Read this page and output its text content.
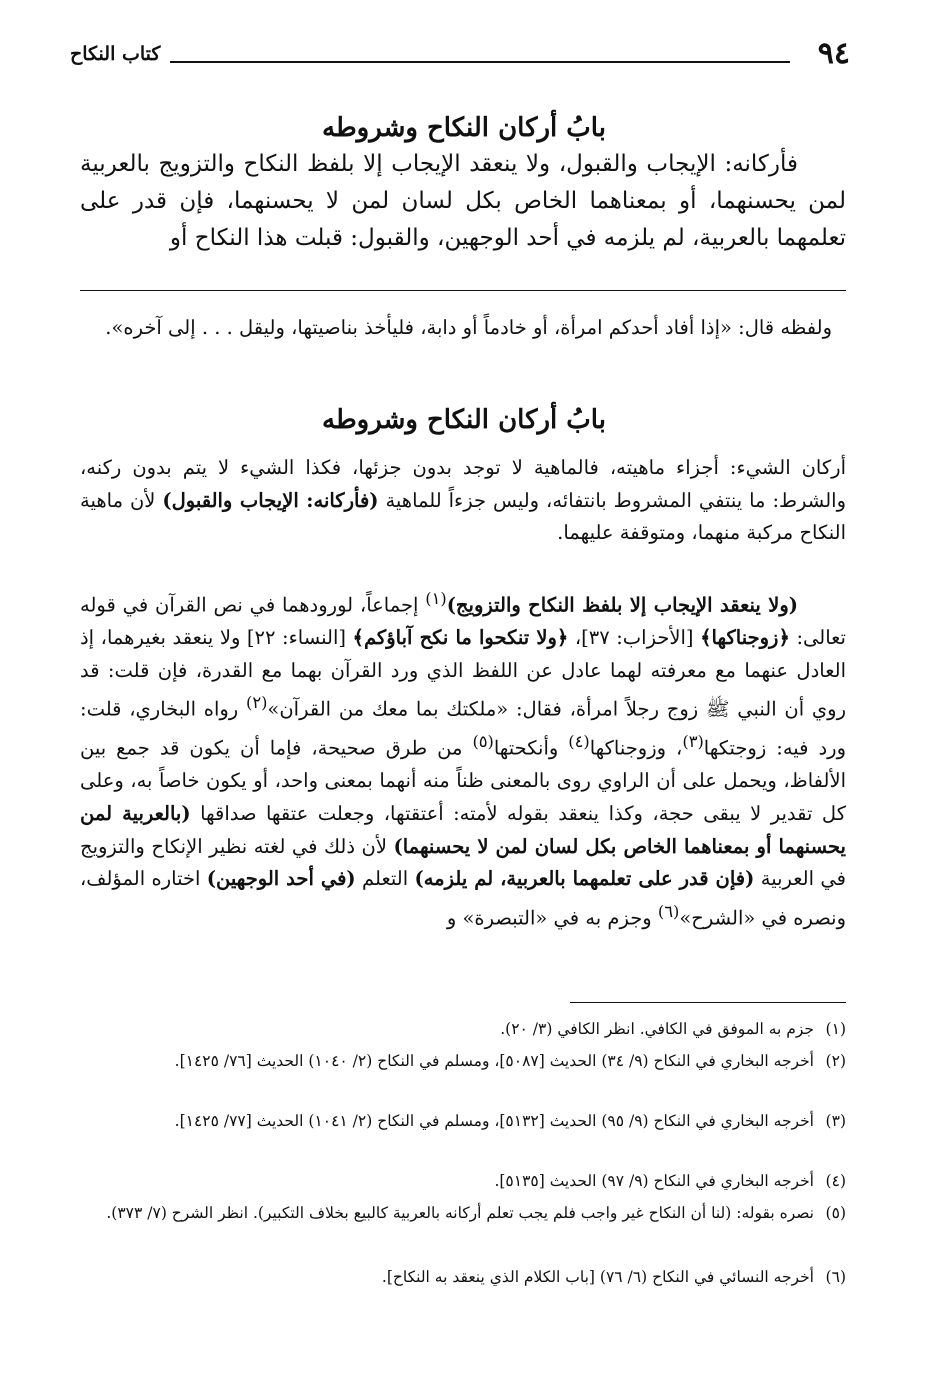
٩٤
كتاب النكاح
بابُ أركان النكاح وشروطه
فأركانه: الإيجاب والقبول، ولا ينعقد الإيجاب إلا بلفظ النكاح والتزويج بالعربية لمن يحسنهما، أو بمعناهما الخاص بكل لسان لمن لا يحسنهما، فإن قدر على تعلمهما بالعربية، لم يلزمه في أحد الوجهين، والقبول: قبلت هذا النكاح أو
ولفظه قال: «إذا أفاد أحدكم امرأة، أو خادماً أو دابة، فليأخذ بناصيتها، وليقل . . . إلى آخره».
بابُ أركان النكاح وشروطه
أركان الشيء: أجزاء ماهيته، فالماهية لا توجد بدون جزئها، فكذا الشيء لا يتم بدون ركنه، والشرط: ما ينتفي المشروط بانتفائه، وليس جزءاً للماهية (فأركانه: الإيجاب والقبول) لأن ماهية النكاح مركبة منهما، ومتوقفة عليهما.
(ولا ينعقد الإيجاب إلا بلفظ النكاح والتزويج)$^{(١)}$ إجماعاً، لورودهما في نص القرآن في قوله تعالى: ﴿زوجناكها﴾ [الأحزاب: ٣٧]، ﴿ولا تنكحوا ما نكح آباؤكم﴾ [النساء: ٢٢] ولا ينعقد بغيرهما، إذ العادل عنهما مع معرفته لهما عادل عن اللفظ الذي ورد القرآن بهما مع القدرة، فإن قلت: قد روي أن النبي ﷺ زوج رجلاً امرأة، فقال: «ملكتك بما معك من القرآن»$^{(٢)}$ رواه البخاري، قلت: ورد فيه: زوجتكها$^{(٣)}$، وزوجناكها$^{(٤)}$ وأنكحتها$^{(٥)}$ من طرق صحيحة، فإما أن يكون قد جمع بين الألفاظ، ويحمل على أن الراوي روى بالمعنى ظناً منه أنهما بمعنى واحد، أو يكون خاصاً به، وعلى كل تقدير لا يبقى حجة، وكذا ينعقد بقوله لأمته: أعتقتها، وجعلت عتقها صداقها (بالعربية لمن يحسنهما أو بمعناهما الخاص بكل لسان لمن لا يحسنهما) لأن ذلك في لغته نظير الإنكاح والتزويج في العربية (فإن قدر على تعلمهما بالعربية، لم يلزمه) التعلم (في أحد الوجهين) اختاره المؤلف، ونصره في «الشرح»$^{(٦)}$ وجزم به في «التبصرة» و
(١)
جزم به الموفق في الكافي. انظر الكافي (٣/ ٢٠).
(٢)
أخرجه البخاري في النكاح (٩/ ٣٤) الحديث [٥٠٨٧]، ومسلم في النكاح (٢/ ١٠٤٠) الحديث [٧٦/ ١٤٢٥].
(٣)
أخرجه البخاري في النكاح (٩/ ٩٥) الحديث [٥١٣٢]، ومسلم في النكاح (٢/ ١٠٤١) الحديث [٧٧/ ١٤٢٥].
(٤)
أخرجه البخاري في النكاح (٩/ ٩٧) الحديث [٥١٣٥].
(٥)
نصره بقوله: (لنا أن النكاح غير واجب فلم يجب تعلم أركانه بالعربية كالبيع بخلاف التكبير). انظر الشرح (٧/ ٣٧٣).
(٦)
أخرجه النسائي في النكاح (٦/ ٧٦) [باب الكلام الذي ينعقد به النكاح].
